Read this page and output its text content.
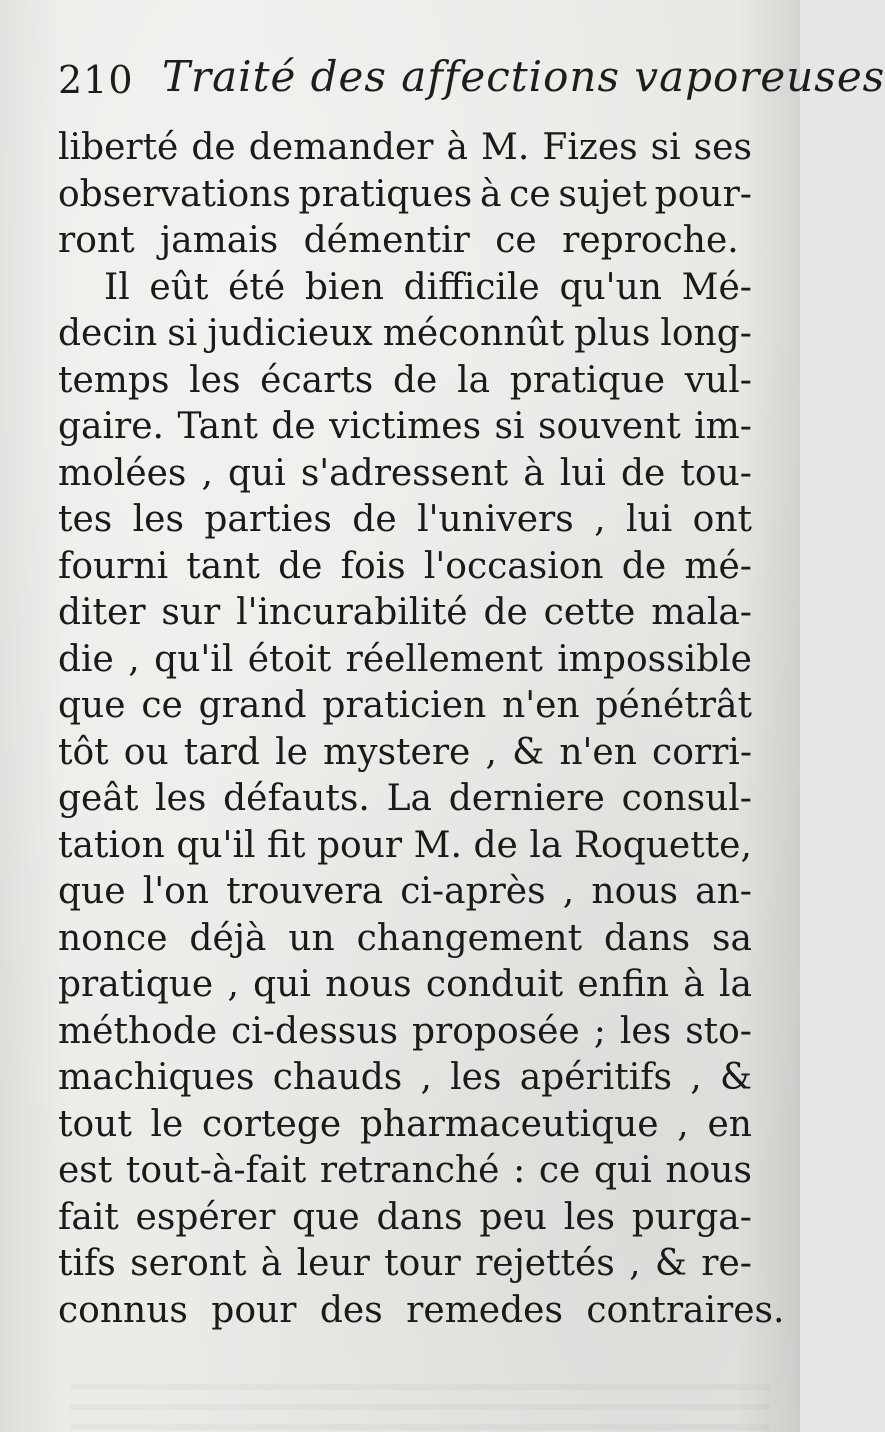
210 Traité des affections vaporeuses
liberté de demander à M. Fizes si ses
observations pratiques à ce sujet pour-
ront jamais démentir ce reproche.
Il eût été bien difficile qu'un Mé-
decin si judicieux méconnût plus long-
temps les écarts de la pratique vul-
gaire. Tant de victimes si souvent im-
molées , qui s'adressent à lui de tou-
tes les parties de l'univers , lui ont
fourni tant de fois l'occasion de mé-
diter sur l'incurabilité de cette mala-
die , qu'il étoit réellement impossible
que ce grand praticien n'en pénétrât
tôt ou tard le mystere , & n'en corri-
geât les défauts. La derniere consul-
tation qu'il fit pour M. de la Roquette,
que l'on trouvera ci-après , nous an-
nonce déjà un changement dans sa
pratique , qui nous conduit enfin à la
méthode ci-dessus proposée ; les sto-
machiques chauds , les apéritifs , &
tout le cortege pharmaceutique , en
est tout-à-fait retranché : ce qui nous
fait espérer que dans peu les purga-
tifs seront à leur tour rejettés , & re-
connus pour des remedes contraires.
